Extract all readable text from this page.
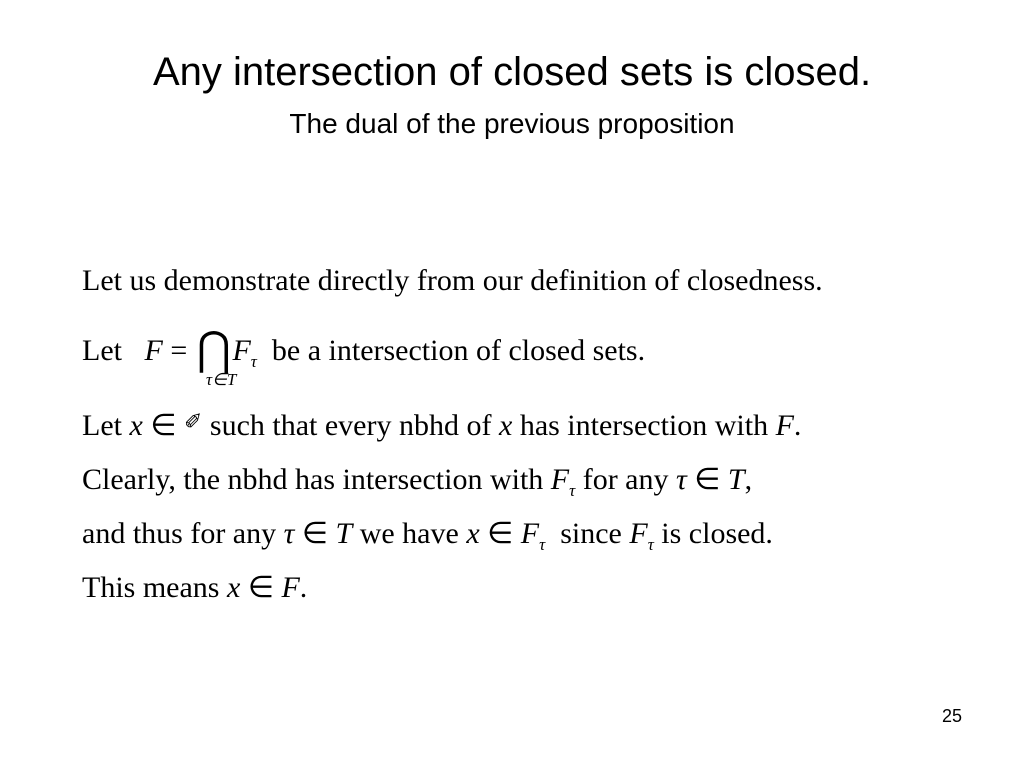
Any intersection of closed sets is closed.
The dual of the previous proposition
Let us demonstrate directly from our definition of closedness.
Let $F = ⋂F_\tau$ be a intersection of closed sets.
τ∈T
Let x ∈ ✐ such that every nbhd of x has intersection with F.
Clearly, the nbhd has intersection with $F_\tau$ for any τ ∈ T,
and thus for any τ ∈ T we have x ∈ $F_\tau$ since $F_\tau$ is closed.
This means x ∈ F.
25
